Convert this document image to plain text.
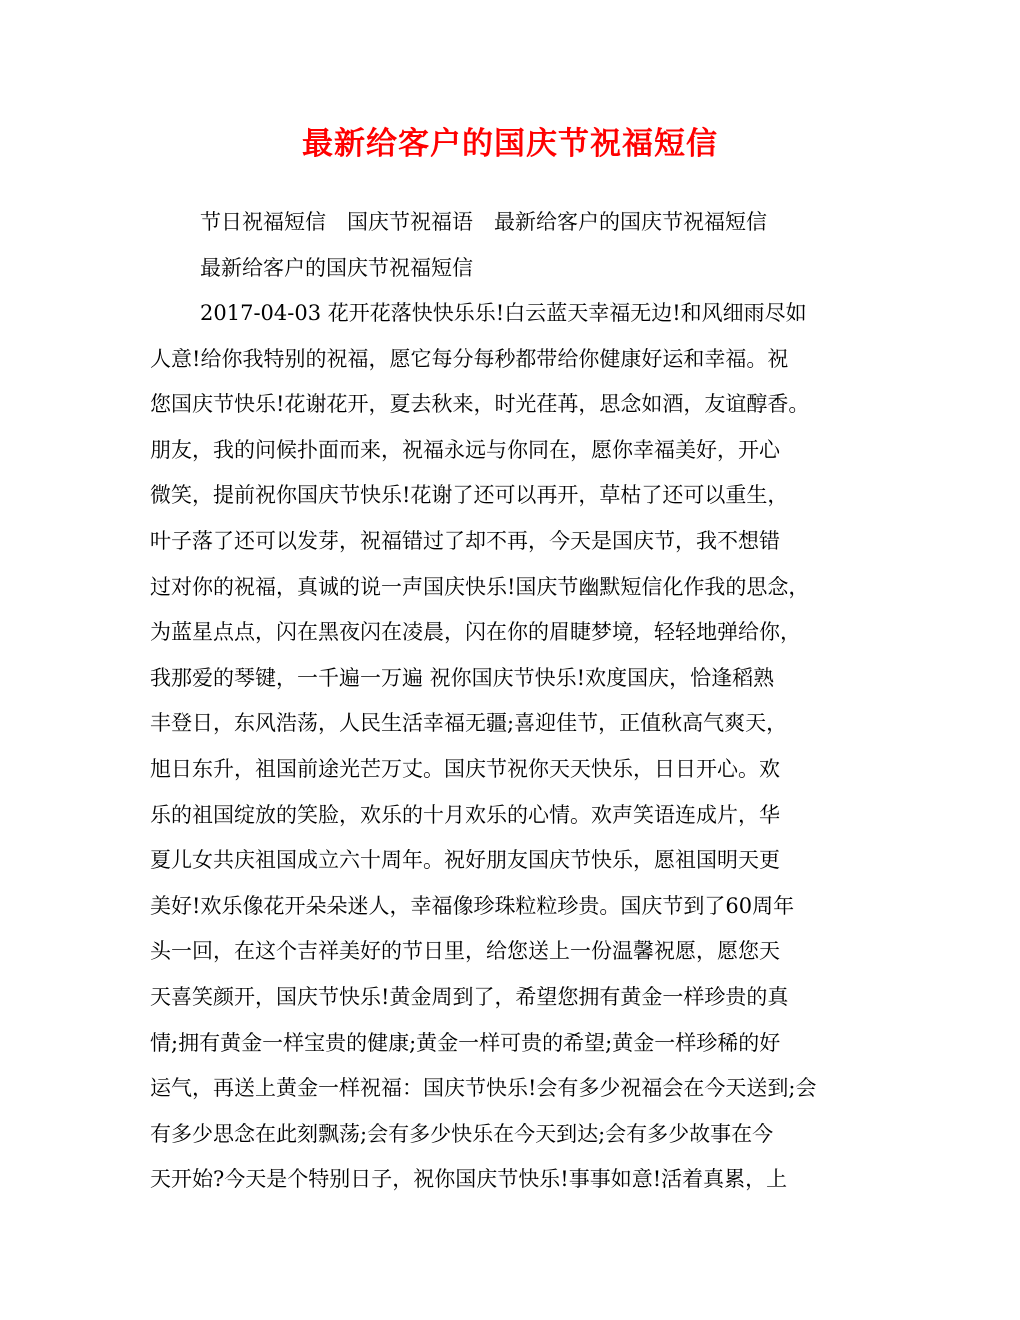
最新给客户的国庆节祝福短信
节日祝福短信　国庆节祝福语　最新给客户的国庆节祝福短信
最新给客户的国庆节祝福短信
2017-04-03 花开花落快快乐乐!白云蓝天幸福无边!和风细雨尽如
人意!给你我特别的祝福，愿它每分每秒都带给你健康好运和幸福。祝
您国庆节快乐!花谢花开，夏去秋来，时光荏苒，思念如酒，友谊醇香。
朋友，我的问候扑面而来，祝福永远与你同在，愿你幸福美好，开心
微笑，提前祝你国庆节快乐!花谢了还可以再开，草枯了还可以重生，
叶子落了还可以发芽，祝福错过了却不再，今天是国庆节，我不想错
过对你的祝福，真诚的说一声国庆快乐!国庆节幽默短信化作我的思念，
为蓝星点点，闪在黑夜闪在凌晨，闪在你的眉睫梦境，轻轻地弹给你，
我那爱的琴键，一千遍一万遍 祝你国庆节快乐!欢度国庆，恰逢稻熟
丰登日，东风浩荡，人民生活幸福无疆;喜迎佳节，正值秋高气爽天，
旭日东升，祖国前途光芒万丈。国庆节祝你天天快乐，日日开心。欢
乐的祖国绽放的笑脸，欢乐的十月欢乐的心情。欢声笑语连成片，华
夏儿女共庆祖国成立六十周年。祝好朋友国庆节快乐，愿祖国明天更
美好!欢乐像花开朵朵迷人，幸福像珍珠粒粒珍贵。国庆节到了60周年
头一回，在这个吉祥美好的节日里，给您送上一份温馨祝愿，愿您天
天喜笑颜开，国庆节快乐!黄金周到了，希望您拥有黄金一样珍贵的真
情;拥有黄金一样宝贵的健康;黄金一样可贵的希望;黄金一样珍稀的好
运气，再送上黄金一样祝福：国庆节快乐!会有多少祝福会在今天送到;会
有多少思念在此刻飘荡;会有多少快乐在今天到达;会有多少故事在今
天开始?今天是个特别日子，祝你国庆节快乐!事事如意!活着真累，上
